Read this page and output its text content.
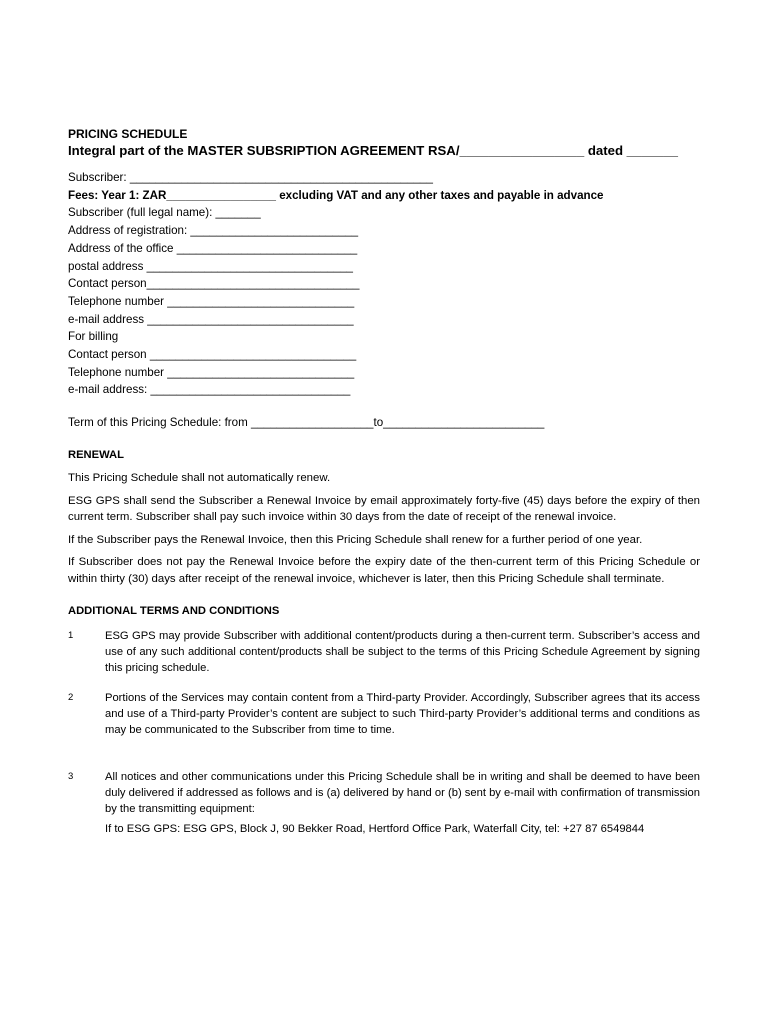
PRICING SCHEDULE
Integral part of the MASTER SUBSRIPTION AGREEMENT RSA/_________________ dated _______
Subscriber: _______________________________________________
Fees: Year 1: ZAR_________________ excluding VAT and any other taxes and payable in advance
Subscriber (full legal name): _______
Address of registration: __________________________
Address of the office ____________________________
postal address ________________________________
Contact person_________________________________
Telephone number _____________________________
e-mail address ________________________________
For billing
Contact person ________________________________
Telephone number _____________________________
e-mail address: _______________________________
Term of this Pricing Schedule: from ___________________to_________________________
RENEWAL

This Pricing Schedule shall not automatically renew.

ESG GPS shall send the Subscriber a Renewal Invoice by email approximately forty-five (45) days before the expiry of then current term. Subscriber shall pay such invoice within 30 days from the date of receipt of the renewal invoice.

If the Subscriber pays the Renewal Invoice, then this Pricing Schedule shall renew for a further period of one year.

If Subscriber does not pay the Renewal Invoice before the expiry date of the then-current term of this Pricing Schedule or within thirty (30) days after receipt of the renewal invoice, whichever is later, then this Pricing Schedule shall terminate.

ADDITIONAL TERMS AND CONDITIONS
1	ESG GPS may provide Subscriber with additional content/products during a then-current term. Subscriber’s access and use of any such additional content/products shall be subject to the terms of this Pricing Schedule Agreement by signing this pricing schedule.

2	Portions of the Services may contain content from a Third-party Provider. Accordingly, Subscriber agrees that its access and use of a Third-party Provider’s content are subject to such Third-party Provider’s additional terms and conditions as may be communicated to the Subscriber from time to time.

3	All notices and other communications under this Pricing Schedule shall be in writing and shall be deemed to have been duly delivered if addressed as follows and is (a) delivered by hand or (b) sent by e-mail with confirmation of transmission by the transmitting equipment:

If to ESG GPS: ESG GPS, Block J, 90 Bekker Road, Hertford Office Park, Waterfall City, tel: +27 87 6549844
